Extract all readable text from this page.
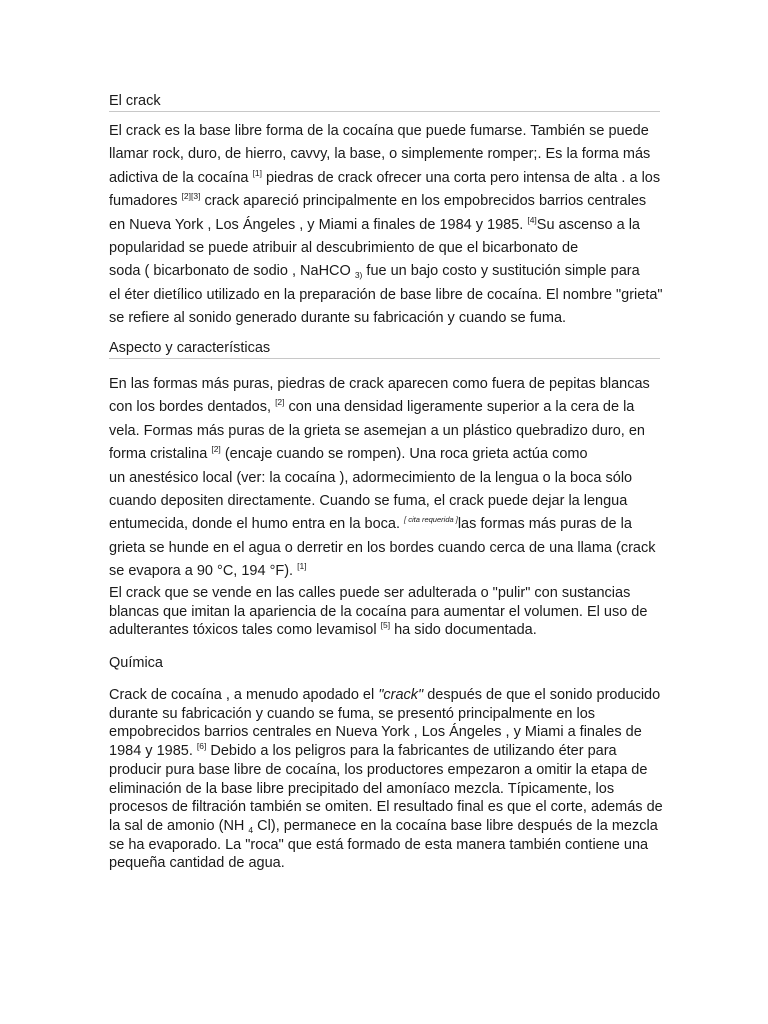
El crack
El crack es la base libre forma de la cocaína que puede fumarse. También se puede
llamar rock, duro, de hierro, cavvy, la base, o simplemente romper;. Es la forma más
adictiva de la cocaína [1] piedras de crack ofrecer una corta pero intensa de alta . a los
fumadores [2][3] crack apareció principalmente en los empobrecidos barrios centrales
en Nueva York , Los Ángeles , y Miami a finales de 1984 y 1985. [4]Su ascenso a la
popularidad se puede atribuir al descubrimiento de que el bicarbonato de
soda ( bicarbonato de sodio , NaHCO $_{3)}$ fue un bajo costo y sustitución simple para
el éter dietílico utilizado en la preparación de base libre de cocaína. El nombre "grieta"
se refiere al sonido generado durante su fabricación y cuando se fuma.
Aspecto y características
En las formas más puras, piedras de crack aparecen como fuera de pepitas blancas
con los bordes dentados, [2] con una densidad ligeramente superior a la cera de la
vela. Formas más puras de la grieta se asemejan a un plástico quebradizo duro, en
forma cristalina [2] (encaje cuando se rompen). Una roca grieta actúa como
un anestésico local (ver: la cocaína ), adormecimiento de la lengua o la boca sólo
cuando depositen directamente. Cuando se fuma, el crack puede dejar la lengua
entumecida, donde el humo entra en la boca. [ cita requerida ]las formas más puras de la
grieta se hunde en el agua o derretir en los bordes cuando cerca de una llama (crack
se evapora a 90 °C, 194 °F). [1]
El crack que se vende en las calles puede ser adulterada o "pulir" con sustancias
blancas que imitan la apariencia de la cocaína para aumentar el volumen. El uso de
adulterantes tóxicos tales como levamisol [5] ha sido documentada.
Química
Crack de cocaína , a menudo apodado el "crack" después de que el sonido producido
durante su fabricación y cuando se fuma, se presentó principalmente en los
empobrecidos barrios centrales en Nueva York , Los Ángeles , y Miami a finales de
1984 y 1985. [6] Debido a los peligros para la fabricantes de utilizando éter para
producir pura base libre de cocaína, los productores empezaron a omitir la etapa de
eliminación de la base libre precipitado del amoníaco mezcla. Típicamente, los
procesos de filtración también se omiten. El resultado final es que el corte, además de
la sal de amonio (NH $_4$ Cl), permanece en la cocaína base libre después de la mezcla
se ha evaporado. La "roca" que está formado de esta manera también contiene una
pequeña cantidad de agua.
